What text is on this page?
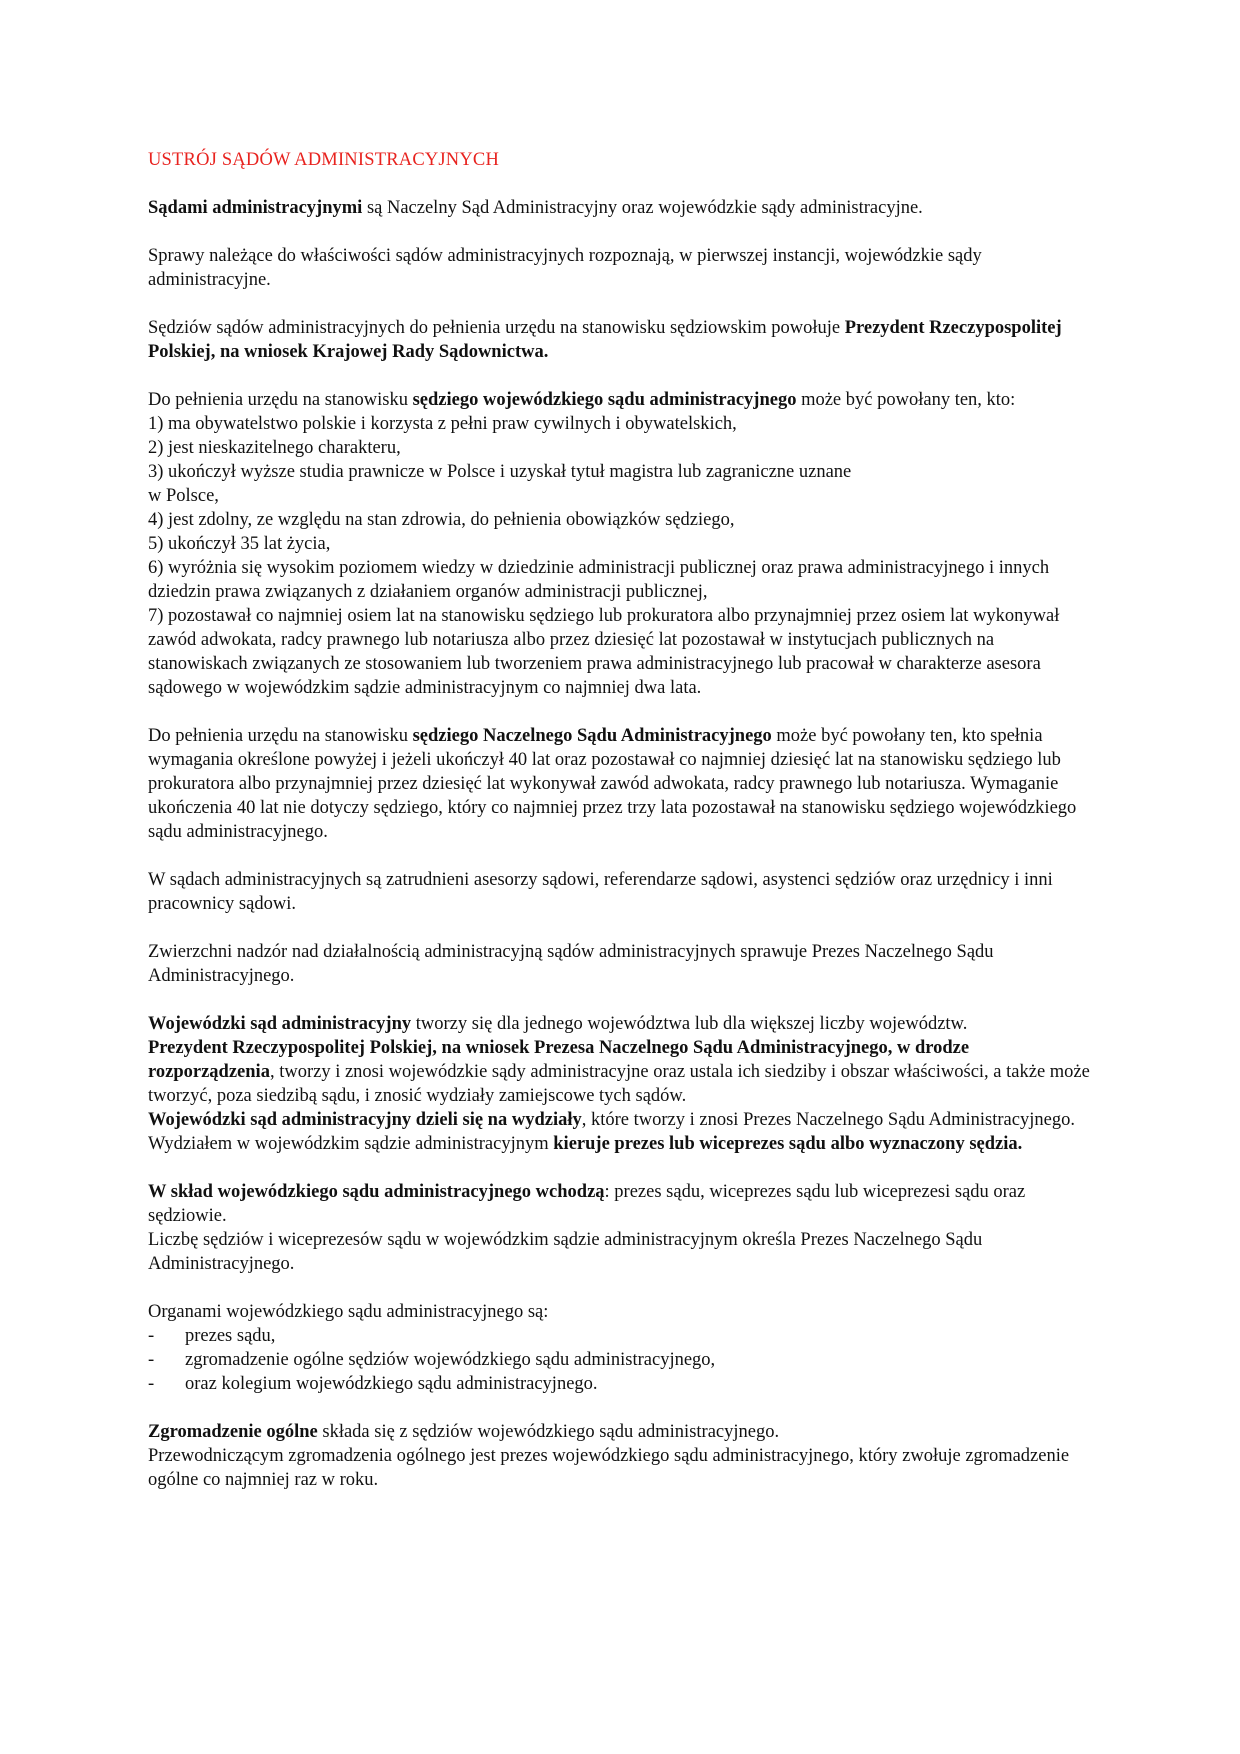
USTRÓJ SĄDÓW ADMINISTRACYJNYCH

Sądami administracyjnymi są Naczelny Sąd Administracyjny oraz wojewódzkie sądy administracyjne.

Sprawy należące do właściwości sądów administracyjnych rozpoznają, w pierwszej instancji, wojewódzkie sądy administracyjne.

Sędziów sądów administracyjnych do pełnienia urzędu na stanowisku sędziowskim powołuje Prezydent Rzeczypospolitej Polskiej, na wniosek Krajowej Rady Sądownictwa.

Do pełnienia urzędu na stanowisku sędziego wojewódzkiego sądu administracyjnego może być powołany ten, kto:
1) ma obywatelstwo polskie i korzysta z pełni praw cywilnych i obywatelskich,
2) jest nieskazitelnego charakteru,
3) ukończył wyższe studia prawnicze w Polsce i uzyskał tytuł magistra lub zagraniczne uznane
w Polsce,
4) jest zdolny, ze względu na stan zdrowia, do pełnienia obowiązków sędziego,
5) ukończył 35 lat życia,
6) wyróżnia się wysokim poziomem wiedzy w dziedzinie administracji publicznej oraz prawa administracyjnego i innych dziedzin prawa związanych z działaniem organów administracji publicznej,
7) pozostawał co najmniej osiem lat na stanowisku sędziego lub prokuratora albo przynajmniej przez osiem lat wykonywał zawód adwokata, radcy prawnego lub notariusza albo przez dziesięć lat pozostawał w instytucjach publicznych na stanowiskach związanych ze stosowaniem lub tworzeniem prawa administracyjnego lub pracował w charakterze asesora sądowego w wojewódzkim sądzie administracyjnym co najmniej dwa lata.

Do pełnienia urzędu na stanowisku sędziego Naczelnego Sądu Administracyjnego może być powołany ten, kto spełnia wymagania określone powyżej i jeżeli ukończył 40 lat oraz pozostawał co najmniej dziesięć lat na stanowisku sędziego lub prokuratora albo przynajmniej przez dziesięć lat wykonywał zawód adwokata, radcy prawnego lub notariusza. Wymaganie ukończenia 40 lat nie dotyczy sędziego, który co najmniej przez trzy lata pozostawał na stanowisku sędziego wojewódzkiego sądu administracyjnego.

W sądach administracyjnych są zatrudnieni asesorzy sądowi, referendarze sądowi, asystenci sędziów oraz urzędnicy i inni pracownicy sądowi.

Zwierzchni nadzór nad działalnością administracyjną sądów administracyjnych sprawuje Prezes Naczelnego Sądu Administracyjnego.

Wojewódzki sąd administracyjny tworzy się dla jednego województwa lub dla większej liczby województw.
Prezydent Rzeczypospolitej Polskiej, na wniosek Prezesa Naczelnego Sądu Administracyjnego, w drodze rozporządzenia, tworzy i znosi wojewódzkie sądy administracyjne oraz ustala ich siedziby i obszar właściwości, a także może tworzyć, poza siedzibą sądu, i znosić wydziały zamiejscowe tych sądów.
Wojewódzki sąd administracyjny dzieli się na wydziały, które tworzy i znosi Prezes Naczelnego Sądu Administracyjnego.
Wydziałem w wojewódzkim sądzie administracyjnym kieruje prezes lub wiceprezes sądu albo wyznaczony sędzia.

W skład wojewódzkiego sądu administracyjnego wchodzą: prezes sądu, wiceprezes sądu lub wiceprezesi sądu oraz sędziowie.
Liczbę sędziów i wiceprezesów sądu w wojewódzkim sądzie administracyjnym określa Prezes Naczelnego Sądu Administracyjnego.

Organami wojewódzkiego sądu administracyjnego są:
-	prezes sądu,
-	zgromadzenie ogólne sędziów wojewódzkiego sądu administracyjnego,
-	oraz kolegium wojewódzkiego sądu administracyjnego.

Zgromadzenie ogólne składa się z sędziów wojewódzkiego sądu administracyjnego.
Przewodniczącym zgromadzenia ogólnego jest prezes wojewódzkiego sądu administracyjnego, który zwołuje zgromadzenie ogólne co najmniej raz w roku.
